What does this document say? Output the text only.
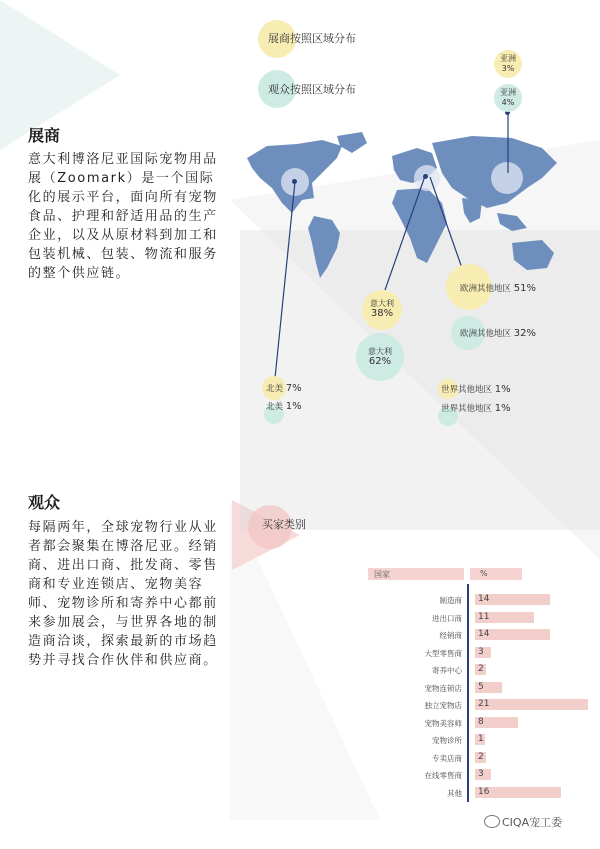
展商按照区域分布
观众按照区域分布
展商
意大利博洛尼亚国际宠物用品展（Zoomark）是一个国际化的展示平台，面向所有宠物食品、护理和舒适用品的生产企业，以及从原材料到加工和包装机械、包装、物流和服务的整个供应链。
亚洲
3%
亚洲
4%
意大利
38%
意大利
62%
欧洲其他地区 51%
欧洲其他地区 32%
北美 7%
北美 1%
世界其他地区 1%
世界其他地区 1%
观众
每隔两年，全球宠物行业从业者都会聚集在博洛尼亚。经销商、进出口商、批发商、零售商和专业连锁店、宠物美容师、宠物诊所和寄养中心都前来参加展会，与世界各地的制造商洽谈，探索最新的市场趋势并寻找合作伙伴和供应商。
买家类别
国家	%
制造商 14
进出口商 11
经销商 14
大型零售商 3
寄养中心 2
宠物连锁店 5
独立宠物店 21
宠物美容师 8
宠物诊所 1
专卖店商 2
在线零售商 3
其他 16
CIQA宠工委
